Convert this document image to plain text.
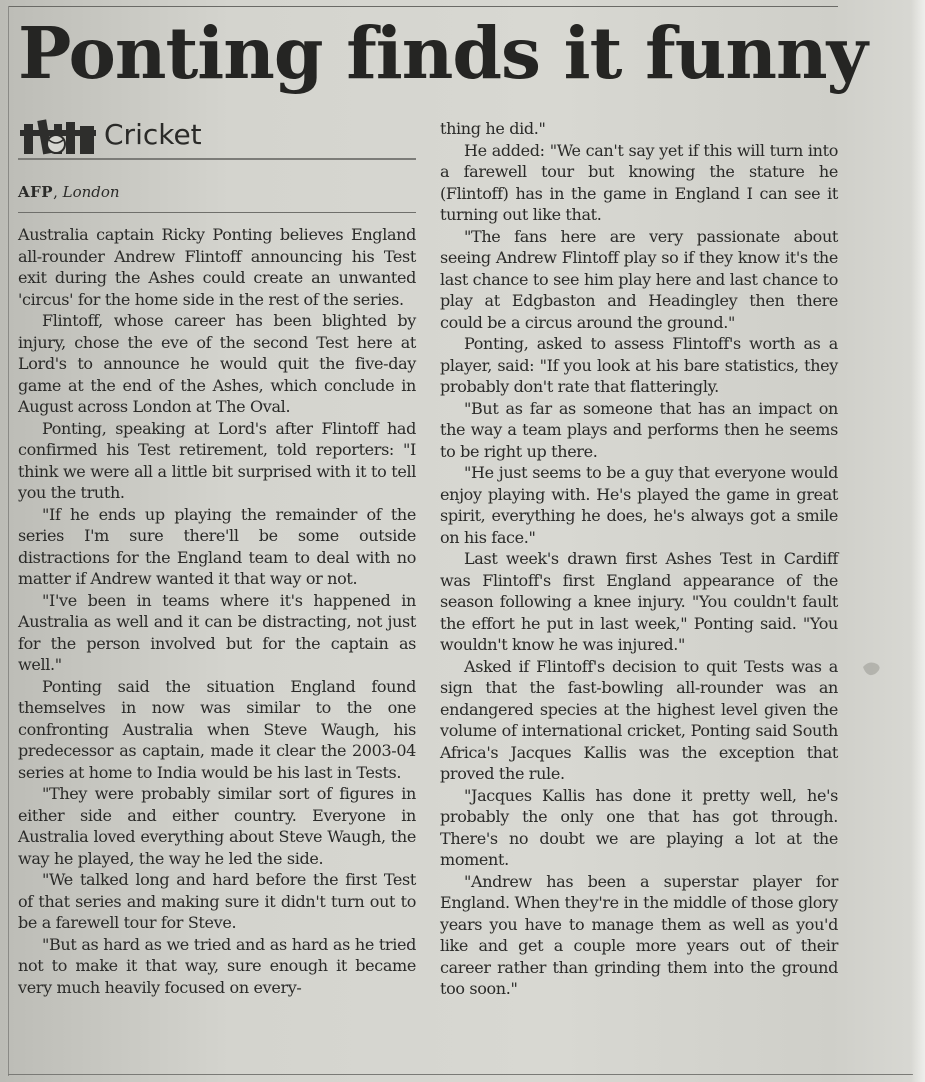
Ponting finds it funny
Cricket
AFP, London

Australia captain Ricky Ponting believes England all-rounder Andrew Flintoff announcing his Test exit during the Ashes could create an unwanted 'circus' for the home side in the rest of the series.

Flintoff, whose career has been blighted by injury, chose the eve of the second Test here at Lord's to announce he would quit the five-day game at the end of the Ashes, which conclude in August across London at The Oval.

Ponting, speaking at Lord's after Flintoff had confirmed his Test retirement, told reporters: "I think we were all a little bit surprised with it to tell you the truth.

"If he ends up playing the remainder of the series I'm sure there'll be some outside distractions for the England team to deal with no matter if Andrew wanted it that way or not.

"I've been in teams where it's happened in Australia as well and it can be distracting, not just for the person involved but for the captain as well."

Ponting said the situation England found themselves in now was similar to the one confronting Australia when Steve Waugh, his predecessor as captain, made it clear the 2003-04 series at home to India would be his last in Tests.

"They were probably similar sort of figures in either side and either country. Everyone in Australia loved everything about Steve Waugh, the way he played, the way he led the side.

"We talked long and hard before the first Test of that series and making sure it didn't turn out to be a farewell tour for Steve.

"But as hard as we tried and as hard as he tried not to make it that way, sure enough it became very much heavily focused on every-

thing he did."

He added: "We can't say yet if this will turn into a farewell tour but knowing the stature he (Flintoff) has in the game in England I can see it turning out like that.

"The fans here are very passionate about seeing Andrew Flintoff play so if they know it's the last chance to see him play here and last chance to play at Edgbaston and Headingley then there could be a circus around the ground."

Ponting, asked to assess Flintoff's worth as a player, said: "If you look at his bare statistics, they probably don't rate that flatteringly.

"But as far as someone that has an impact on the way a team plays and performs then he seems to be right up there.

"He just seems to be a guy that everyone would enjoy playing with. He's played the game in great spirit, everything he does, he's always got a smile on his face."

Last week's drawn first Ashes Test in Cardiff was Flintoff's first England appearance of the season following a knee injury. "You couldn't fault the effort he put in last week," Ponting said. "You wouldn't know he was injured."

Asked if Flintoff's decision to quit Tests was a sign that the fast-bowling all-rounder was an endangered species at the highest level given the volume of international cricket, Ponting said South Africa's Jacques Kallis was the exception that proved the rule.

"Jacques Kallis has done it pretty well, he's probably the only one that has got through. There's no doubt we are playing a lot at the moment.

"Andrew has been a superstar player for England. When they're in the middle of those glory years you have to manage them as well as you'd like and get a couple more years out of their career rather than grinding them into the ground too soon."
